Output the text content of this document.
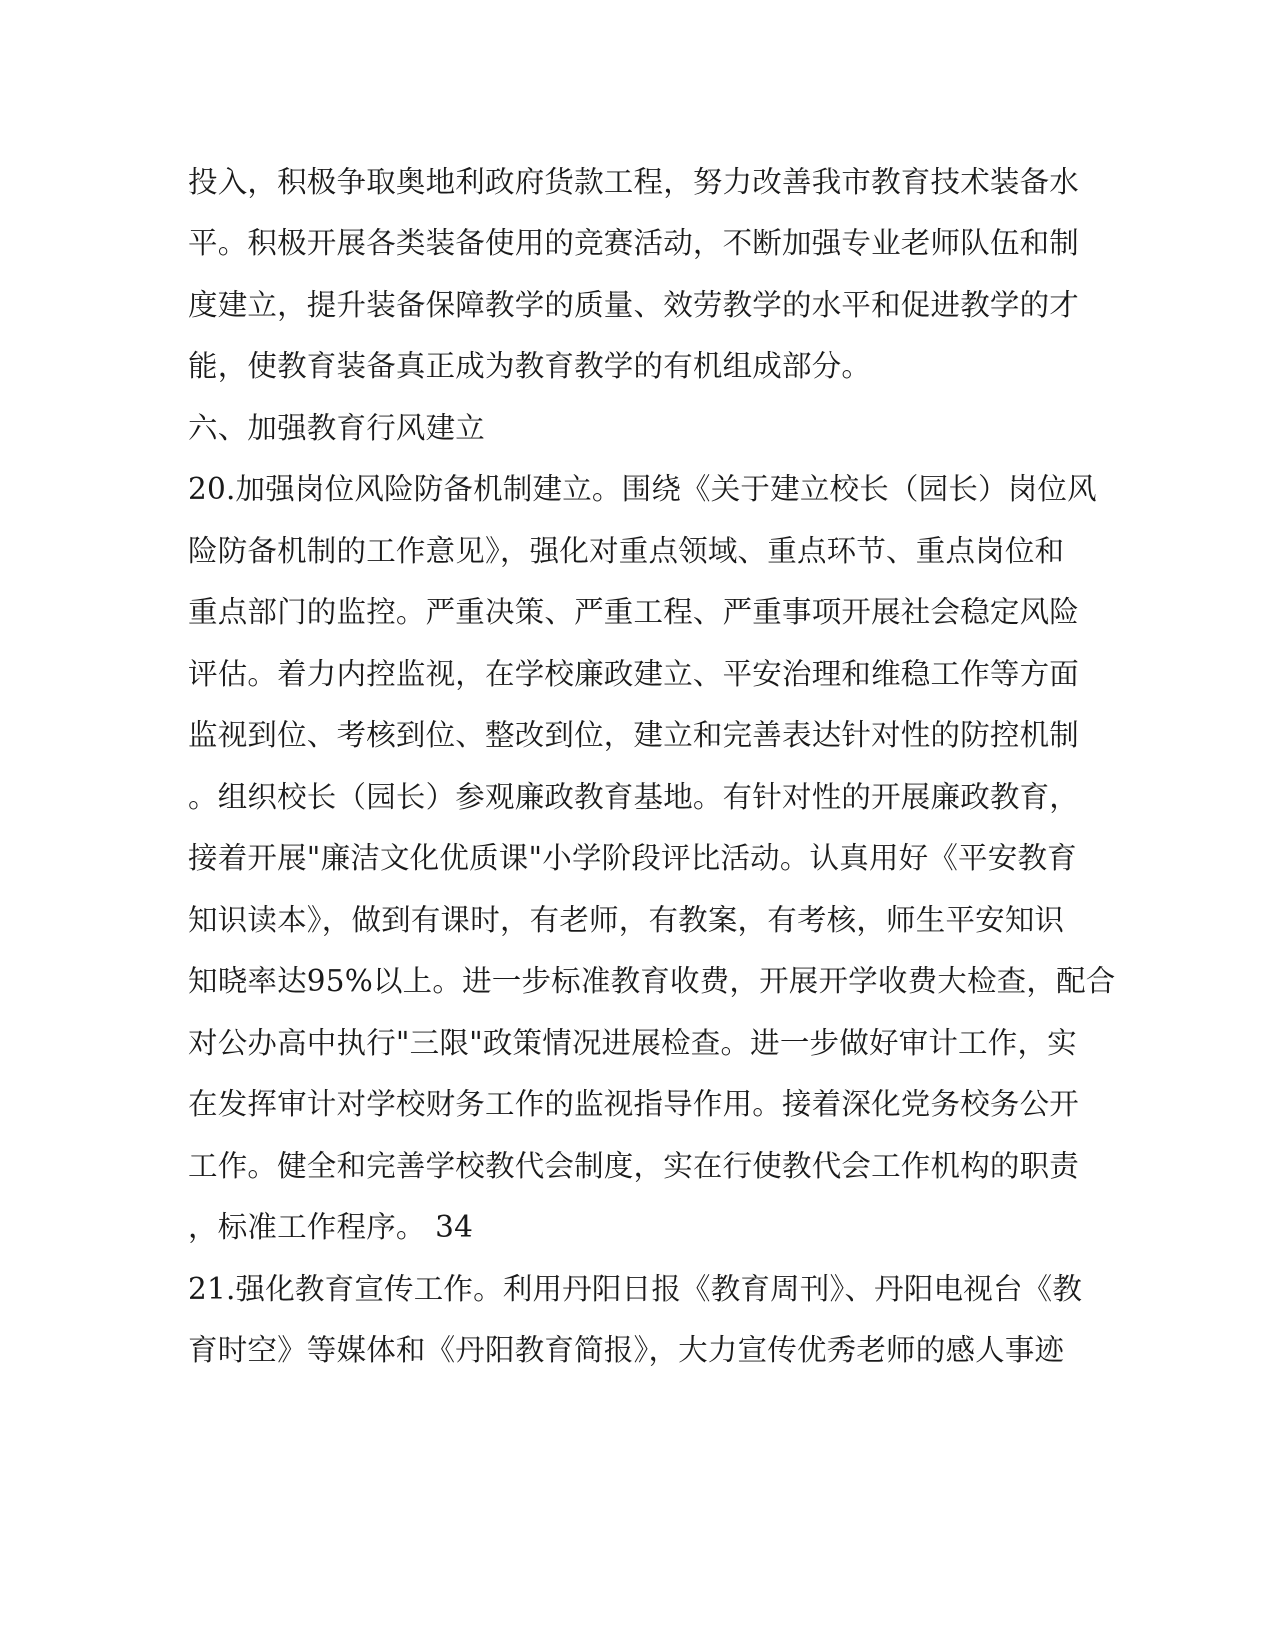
投入，积极争取奥地利政府货款工程，努力改善我市教育技术装备水
平。积极开展各类装备使用的竞赛活动，不断加强专业老师队伍和制
度建立，提升装备保障教学的质量、效劳教学的水平和促进教学的才
能，使教育装备真正成为教育教学的有机组成部分。
六、加强教育行风建立
20.加强岗位风险防备机制建立。围绕《关于建立校长（园长）岗位风
险防备机制的工作意见》，强化对重点领域、重点环节、重点岗位和
重点部门的监控。严重决策、严重工程、严重事项开展社会稳定风险
评估。着力内控监视，在学校廉政建立、平安治理和维稳工作等方面
监视到位、考核到位、整改到位，建立和完善表达针对性的防控机制
。组织校长（园长）参观廉政教育基地。有针对性的开展廉政教育，
接着开展"廉洁文化优质课"小学阶段评比活动。认真用好《平安教育
知识读本》，做到有课时，有老师，有教案，有考核，师生平安知识
知晓率达95%以上。进一步标准教育收费，开展开学收费大检查，配合
对公办高中执行"三限"政策情况进展检查。进一步做好审计工作，实
在发挥审计对学校财务工作的监视指导作用。接着深化党务校务公开
工作。健全和完善学校教代会制度，实在行使教代会工作机构的职责
，标准工作程序。 34
21.强化教育宣传工作。利用丹阳日报《教育周刊》、丹阳电视台《教
育时空》等媒体和《丹阳教育简报》，大力宣传优秀老师的感人事迹
